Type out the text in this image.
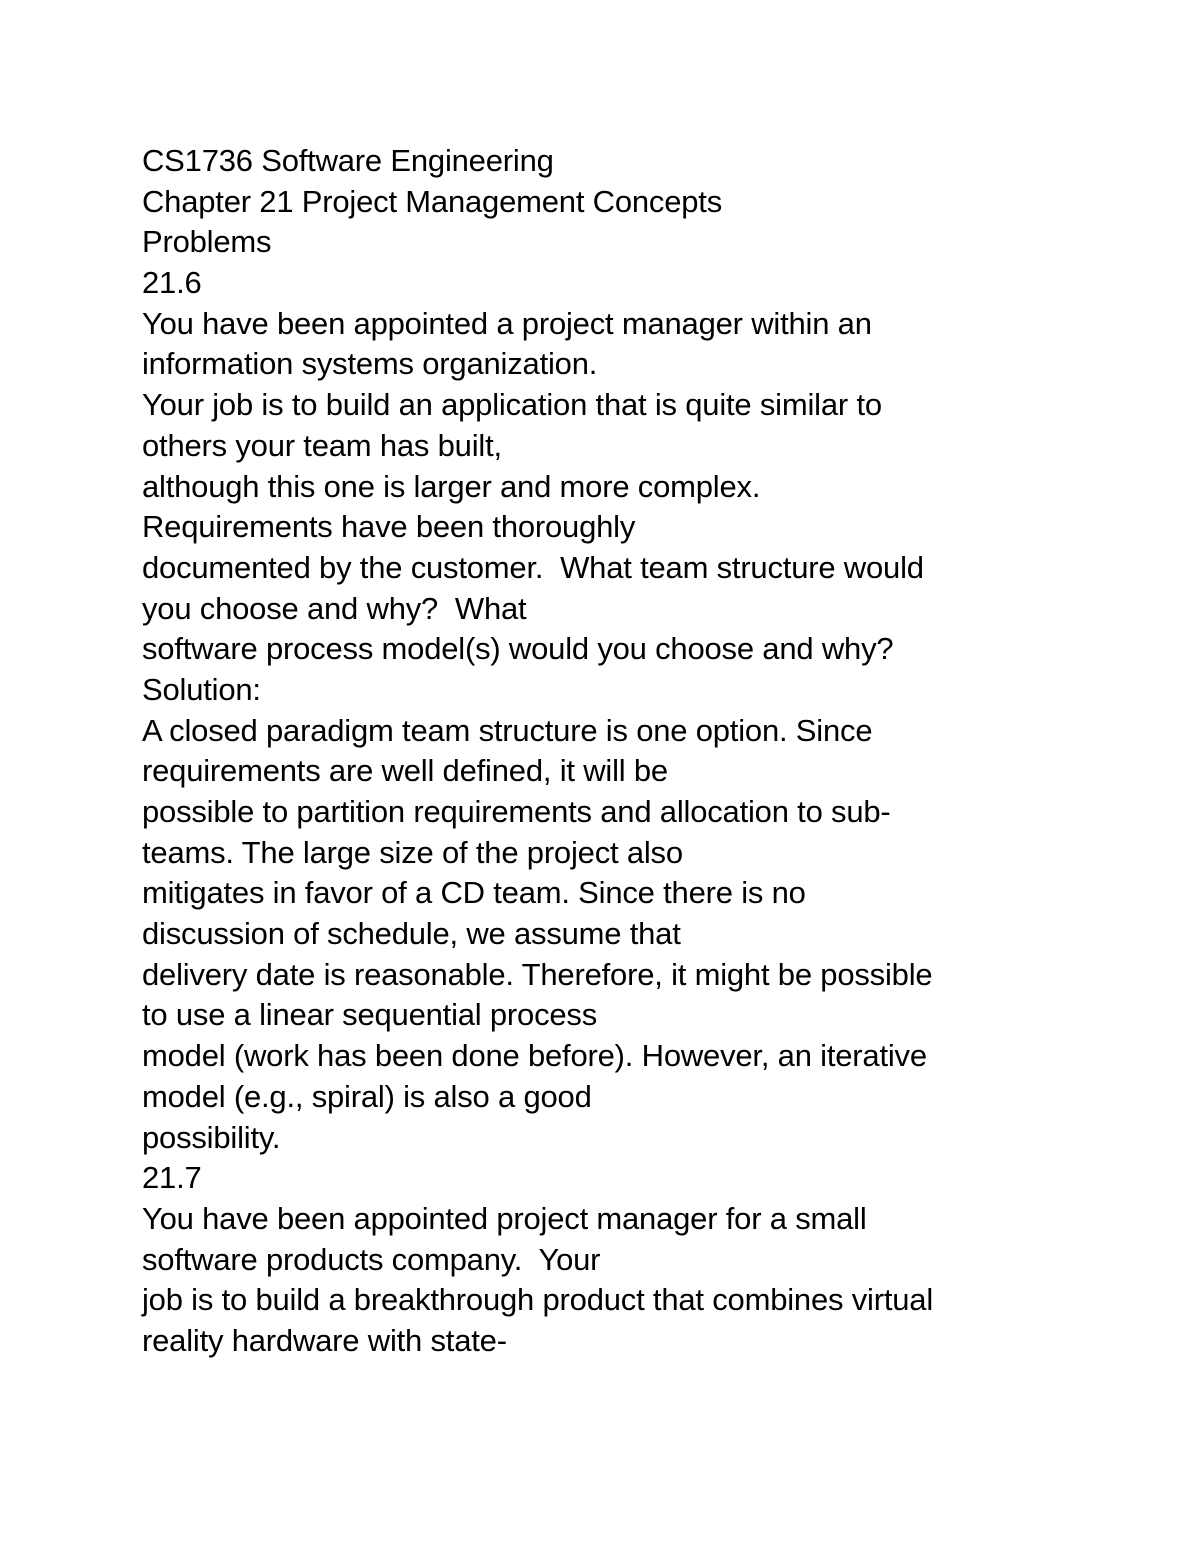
CS1736 Software Engineering
Chapter 21 Project Management Concepts
Problems
21.6
You have been appointed a project manager within an
information systems organization.
Your job is to build an application that is quite similar to
others your team has built,
although this one is larger and more complex.
Requirements have been thoroughly
documented by the customer.  What team structure would
you choose and why?  What
software process model(s) would you choose and why?
Solution:
A closed paradigm team structure is one option. Since
requirements are well defined, it will be
possible to partition requirements and allocation to sub-
teams. The large size of the project also
mitigates in favor of a CD team. Since there is no
discussion of schedule, we assume that
delivery date is reasonable. Therefore, it might be possible
to use a linear sequential process
model (work has been done before). However, an iterative
model (e.g., spiral) is also a good
possibility.
21.7
You have been appointed project manager for a small
software products company.  Your
job is to build a breakthrough product that combines virtual
reality hardware with state-
